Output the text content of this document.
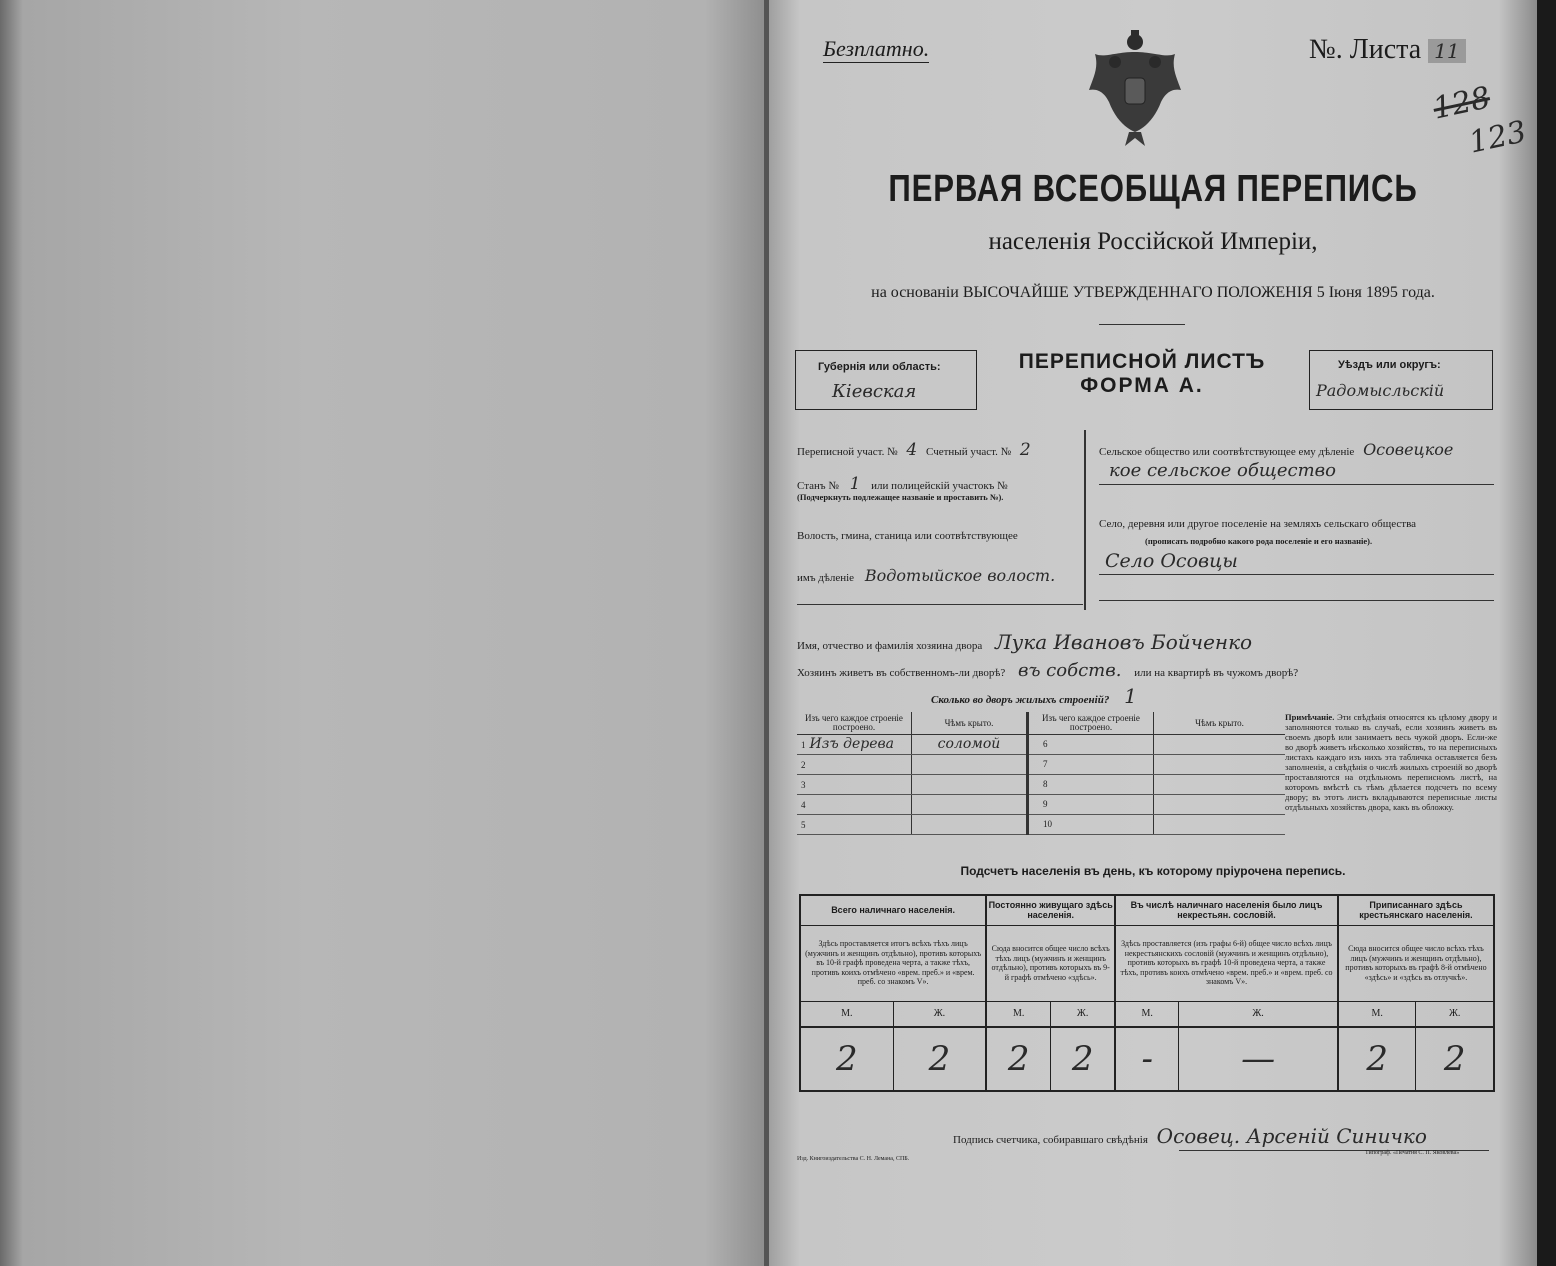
Безплатно.	№. Листа 11
128
123
ПЕРВАЯ ВСЕОБЩАЯ ПЕРЕПИСЬ
населенія Россійской Имперіи,
на основаніи ВЫСОЧАЙШЕ УТВЕРЖДЕННАГО ПОЛОЖЕНІЯ 5 Іюня 1895 года.
Губернія или область:
Кіевская
ПЕРЕПИСНОЙ ЛИСТЪ
ФОРМА А.
Уѣздъ или округъ:
Радомысльскій
Переписной участ. № 4 Счетный участ. № 2
Станъ № 1 или полицейскій участокъ №
(Подчеркнуть подлежащее названіе и проставить №).
Волость, гмина, станица или соотвѣтствующее
имъ дѣленіе Водотыйское волост.
Сельское общество или соотвѣтствующее ему дѣленіе Осовецкое
кое сельское общество
Село, деревня или другое поселеніе на земляхъ сельскаго общества
(прописать подробно какого рода поселеніе и его названіе).
Село Осовцы
Имя, отчество и фамилія хозяина двора Лука Ивановъ Бойченко
Хозяинъ живетъ въ собственномъ-ли дворѣ? въ собств. или на квартирѣ въ чужомъ дворѣ?
Сколько во дворъ жилыхъ строеній? 1
Изъ чего каждое строеніе построено.	Чѣмъ крыто.	Изъ чего каждое строеніе построено.	Чѣмъ крыто.
1 Изъ дерева	соломой	6	
2		7	
3		8	
4		9	
5		10	
Примѣчаніе. Эти свѣдѣнія относятся къ цѣлому двору и заполняются только въ случаѣ, если хозяинъ живетъ въ своемъ дворѣ или занимаетъ весь чужой дворъ. Если-же во дворѣ живетъ нѣсколько хозяйствъ, то на переписныхъ листахъ каждаго изъ нихъ эта табличка оставляется безъ заполненія, а свѣдѣнія о числѣ жилыхъ строеній во дворѣ проставляются на отдѣльномъ переписномъ листѣ, на которомъ вмѣстѣ съ тѣмъ дѣлается подсчетъ по всему двору; въ этотъ листъ вкладываются переписные листы отдѣльныхъ хозяйствъ двора, какъ въ обложку.
Подсчетъ населенія въ день, къ которому пріурочена перепись.
Всего наличнаго населенія.		Постоянно живущаго здѣсь населенія.		Въ числѣ наличнаго населенія было лицъ некрестьян. сословій.		Приписаннаго здѣсь крестьянскаго населенія.	
Здѣсь проставляется итогъ всѣхъ тѣхъ лицъ (мужчинъ и женщинъ отдѣльно), противъ которыхъ въ 10-й графѣ проведена черта, а также тѣхъ, противъ коихъ отмѣчено «врем. преб.» и «врем. преб. со знакомъ V».		Сюда вносится общее число всѣхъ тѣхъ лицъ (мужчинъ и женщинъ отдѣльно), противъ которыхъ въ 9-й графѣ отмѣчено «здѣсь».		Здѣсь проставляется (изъ графы 6-й) общее число всѣхъ лицъ некрестьянскихъ сословій (мужчинъ и женщинъ отдѣльно), противъ которыхъ въ графѣ 10-й проведена черта, а также тѣхъ, противъ коихъ отмѣчено «врем. преб.» и «врем. преб. со знакомъ V».		Сюда вносится общее число всѣхъ тѣхъ лицъ (мужчинъ и женщинъ отдѣльно), противъ которыхъ въ графѣ 8-й отмѣчено «здѣсь» и «здѣсь въ отлучкѣ».	
М.	Ж.	М.	Ж.	М.	Ж.	М.	Ж.
2	2	2	2	-	—	2	2
Подпись счетчика, собиравшаго свѣдѣнія Осовец. Арсеній Синичко
Изд. Книгоиздательства С. Н. Лемана, СПБ.
Типограф. «Печатня С. П. Яковлева»
